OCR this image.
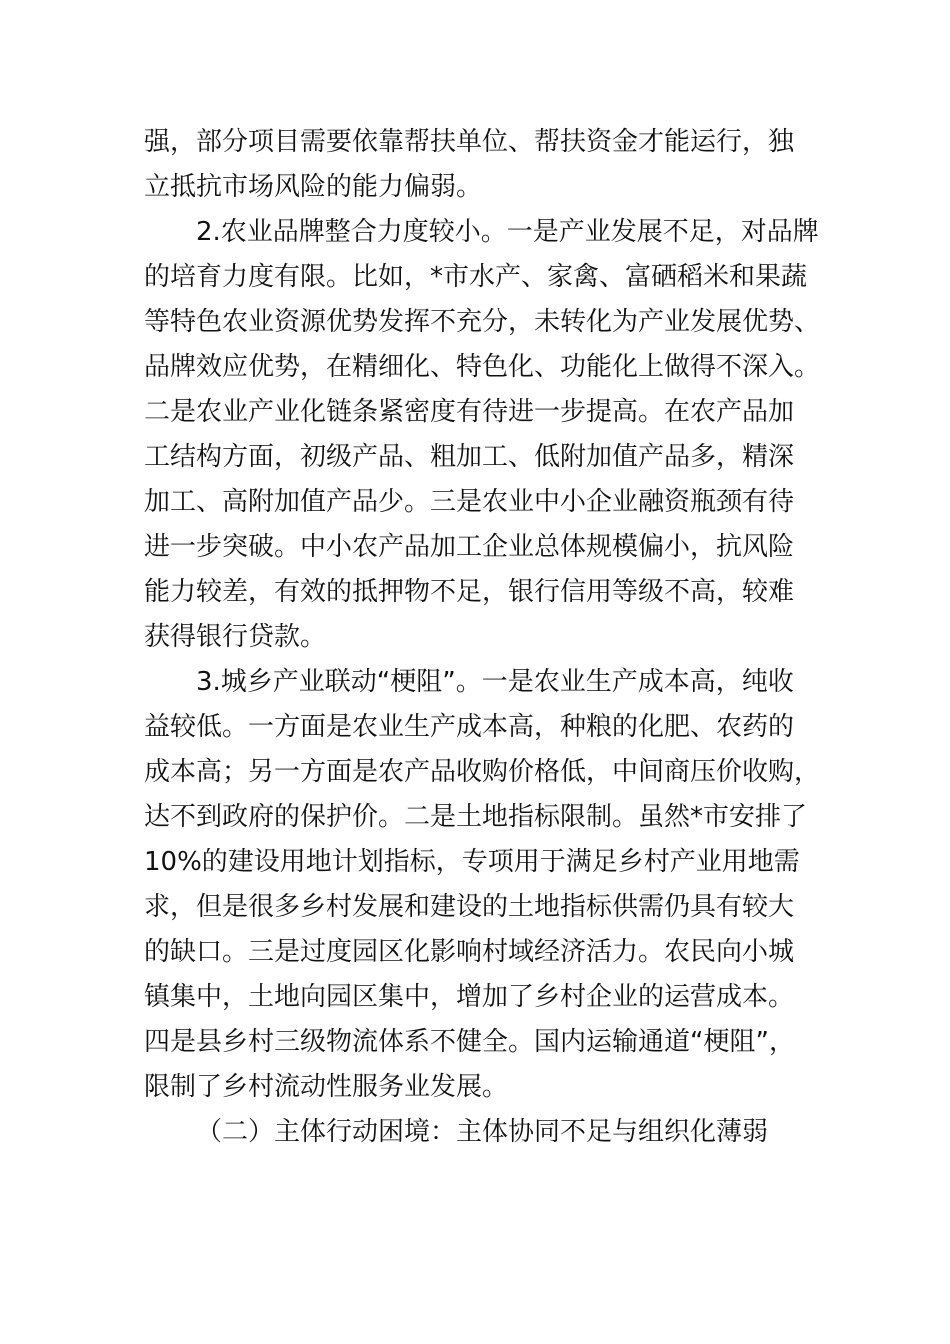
强，部分项目需要依靠帮扶单位、帮扶资金才能运行，独
立抵抗市场风险的能力偏弱。
2.农业品牌整合力度较小。一是产业发展不足，对品牌
的培育力度有限。比如，*市水产、家禽、富硒稻米和果蔬
等特色农业资源优势发挥不充分，未转化为产业发展优势、
品牌效应优势，在精细化、特色化、功能化上做得不深入。
二是农业产业化链条紧密度有待进一步提高。在农产品加
工结构方面，初级产品、粗加工、低附加值产品多，精深
加工、高附加值产品少。三是农业中小企业融资瓶颈有待
进一步突破。中小农产品加工企业总体规模偏小，抗风险
能力较差，有效的抵押物不足，银行信用等级不高，较难
获得银行贷款。
3.城乡产业联动“梗阻”。一是农业生产成本高，纯收
益较低。一方面是农业生产成本高，种粮的化肥、农药的
成本高；另一方面是农产品收购价格低，中间商压价收购，
达不到政府的保护价。二是土地指标限制。虽然*市安排了
10%的建设用地计划指标，专项用于满足乡村产业用地需
求，但是很多乡村发展和建设的土地指标供需仍具有较大
的缺口。三是过度园区化影响村域经济活力。农民向小城
镇集中，土地向园区集中，增加了乡村企业的运营成本。
四是县乡村三级物流体系不健全。国内运输通道“梗阻”，
限制了乡村流动性服务业发展。
（二）主体行动困境：主体协同不足与组织化薄弱
